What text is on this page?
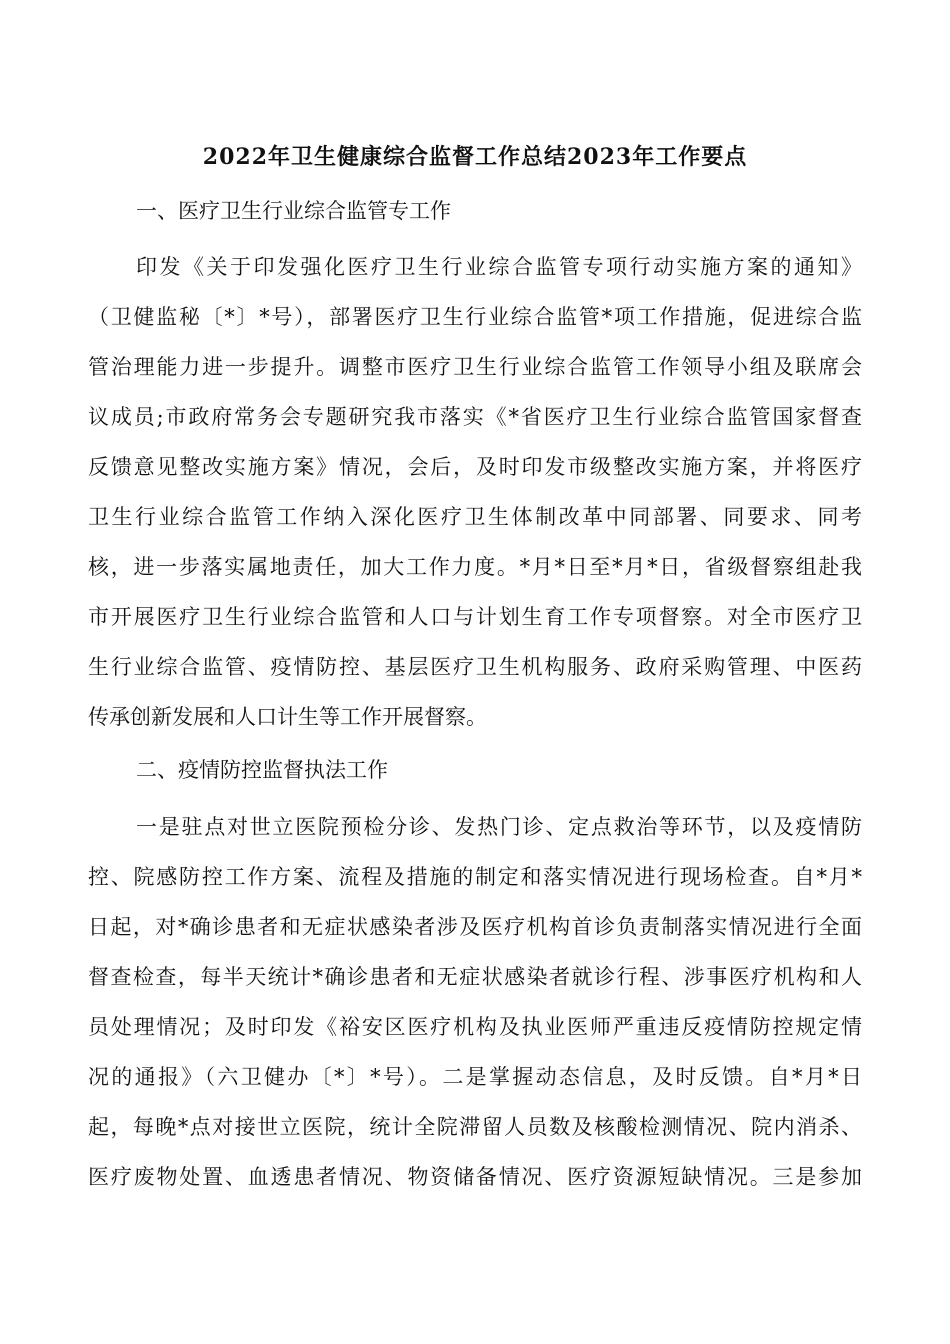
2022年卫生健康综合监督工作总结2023年工作要点
一、医疗卫生行业综合监管专工作
印发《关于印发强化医疗卫生行业综合监管专项行动实施方案的通知》
（卫健监秘〔*〕*号），部署医疗卫生行业综合监管*项工作措施，促进综合监
管治理能力进一步提升。调整市医疗卫生行业综合监管工作领导小组及联席会
议成员;市政府常务会专题研究我市落实《*省医疗卫生行业综合监管国家督查
反馈意见整改实施方案》情况，会后，及时印发市级整改实施方案，并将医疗
卫生行业综合监管工作纳入深化医疗卫生体制改革中同部署、同要求、同考
核，进一步落实属地责任，加大工作力度。*月*日至*月*日，省级督察组赴我
市开展医疗卫生行业综合监管和人口与计划生育工作专项督察。对全市医疗卫
生行业综合监管、疫情防控、基层医疗卫生机构服务、政府采购管理、中医药
传承创新发展和人口计生等工作开展督察。
二、疫情防控监督执法工作
一是驻点对世立医院预检分诊、发热门诊、定点救治等环节，以及疫情防
控、院感防控工作方案、流程及措施的制定和落实情况进行现场检查。自*月*
日起，对*确诊患者和无症状感染者涉及医疗机构首诊负责制落实情况进行全面
督查检查，每半天统计*确诊患者和无症状感染者就诊行程、涉事医疗机构和人
员处理情况；及时印发《裕安区医疗机构及执业医师严重违反疫情防控规定情
况的通报》（六卫健办〔*〕*号）。二是掌握动态信息，及时反馈。自*月*日
起，每晚*点对接世立医院，统计全院滞留人员数及核酸检测情况、院内消杀、
医疗废物处置、血透患者情况、物资储备情况、医疗资源短缺情况。三是参加
